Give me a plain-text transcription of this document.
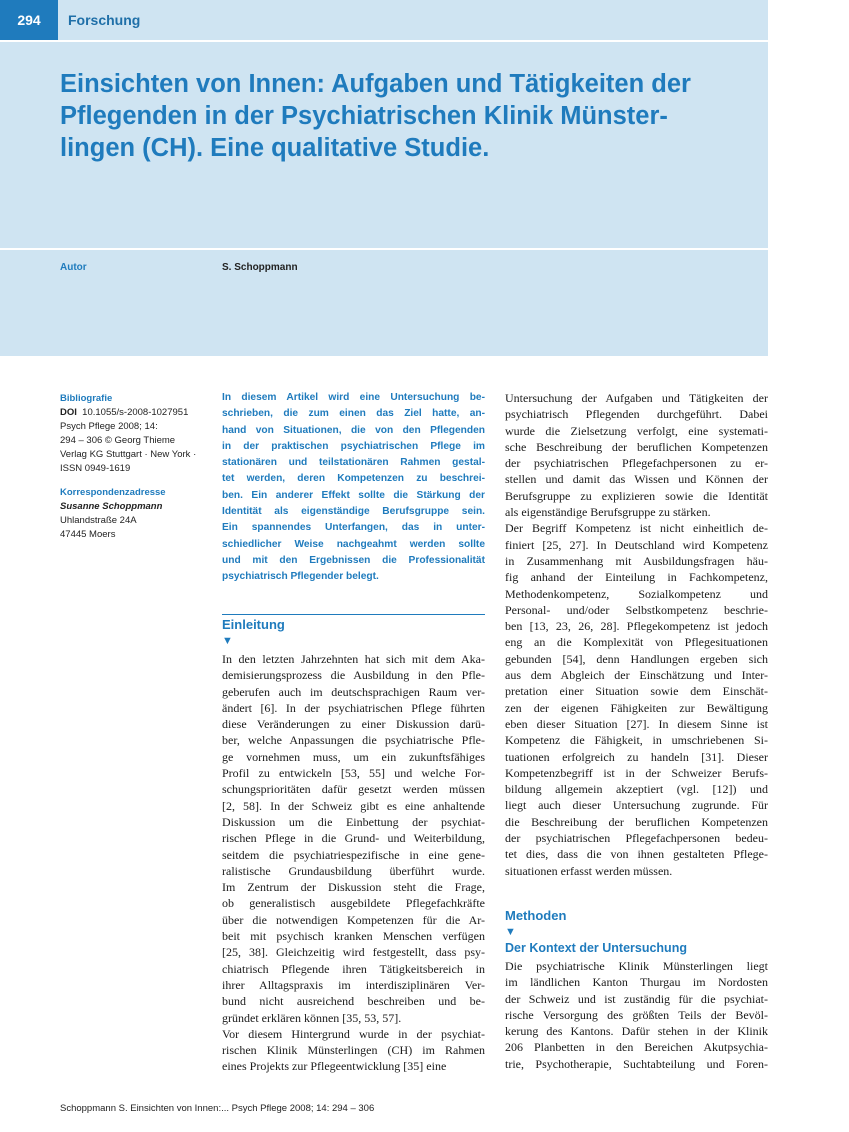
294	Forschung
Einsichten von Innen: Aufgaben und Tätigkeiten der
Pflegenden in der Psychiatrischen Klinik Münster-
lingen (CH). Eine qualitative Studie.
Autor	S. Schoppmann
Bibliografie
DOI 10.1055/s-2008-1027951
Psych Pflege 2008; 14:
294 – 306 © Georg Thieme
Verlag KG Stuttgart · New York ·
ISSN 0949-1619
Korrespondenzadresse
Susanne Schoppmann
Uhlandstraße 24A
47445 Moers
In diesem Artikel wird eine Untersuchung be-
schrieben, die zum einen das Ziel hatte, an-
hand von Situationen, die von den Pflegenden
in der praktischen psychiatrischen Pflege im
stationären und teilstationären Rahmen gestal-
tet werden, deren Kompetenzen zu beschrei-
ben. Ein anderer Effekt sollte die Stärkung der
Identität als eigenständige Berufsgruppe sein.
Ein spannendes Unterfangen, das in unter-
schiedlicher Weise nachgeahmt werden sollte
und mit den Ergebnissen die Professionalität
psychiatrisch Pflegender belegt.
Einleitung
▼

In den letzten Jahrzehnten hat sich mit dem Aka-
demisierungsprozess die Ausbildung in den Pfle-
geberufen auch im deutschsprachigen Raum ver-
ändert [6]. In der psychiatrischen Pflege führten
diese Veränderungen zu einer Diskussion darü-
ber, welche Anpassungen die psychiatrische Pfle-
ge vornehmen muss, um ein zukunftsfähiges
Profil zu entwickeln [53, 55] und welche For-
schungsprioritäten dafür gesetzt werden müssen
[2, 58]. In der Schweiz gibt es eine anhaltende
Diskussion um die Einbettung der psychiat-
rischen Pflege in die Grund- und Weiterbildung,
seitdem die psychiatriespezifische in eine gene-
ralistische Grundausbildung überführt wurde.
Im Zentrum der Diskussion steht die Frage,
ob generalistisch ausgebildete Pflegefachkräfte
über die notwendigen Kompetenzen für die Ar-
beit mit psychisch kranken Menschen verfügen
[25, 38]. Gleichzeitig wird festgestellt, dass psy-
chiatrisch Pflegende ihren Tätigkeitsbereich in
ihrer Alltagspraxis im interdisziplinären Ver-
bund nicht ausreichend beschreiben und be-
gründet erklären können [35, 53, 57].

Vor diesem Hintergrund wurde in der psychiat-
rischen Klinik Münsterlingen (CH) im Rahmen
eines Projekts zur Pflegeentwicklung [35] eine

Untersuchung der Aufgaben und Tätigkeiten der
psychiatrisch Pflegenden durchgeführt. Dabei
wurde die Zielsetzung verfolgt, eine systemati-
sche Beschreibung der beruflichen Kompetenzen
der psychiatrischen Pflegefachpersonen zu er-
stellen und damit das Wissen und Können der
Berufsgruppe zu explizieren sowie die Identität
als eigenständige Berufsgruppe zu stärken.

Der Begriff Kompetenz ist nicht einheitlich de-
finiert [25, 27]. In Deutschland wird Kompetenz
in Zusammenhang mit Ausbildungsfragen häu-
fig anhand der Einteilung in Fachkompetenz,
Methodenkompetenz, Sozialkompetenz und
Personal- und/oder Selbstkompetenz beschrie-
ben [13, 23, 26, 28]. Pflegekompetenz ist jedoch
eng an die Komplexität von Pflegesituationen
gebunden [54], denn Handlungen ergeben sich
aus dem Abgleich der Einschätzung und Inter-
pretation einer Situation sowie dem Einschät-
zen der eigenen Fähigkeiten zur Bewältigung
eben dieser Situation [27]. In diesem Sinne ist
Kompetenz die Fähigkeit, in umschriebenen Si-
tuationen erfolgreich zu handeln [31]. Dieser
Kompetenzbegriff ist in der Schweizer Berufs-
bildung allgemein akzeptiert (vgl. [12]) und
liegt auch dieser Untersuchung zugrunde. Für
die Beschreibung der beruflichen Kompetenzen
der psychiatrischen Pflegefachpersonen bedeu-
tet dies, dass die von ihnen gestalteten Pflege-
situationen erfasst werden müssen.

Methoden
▼
Der Kontext der Untersuchung

Die psychiatrische Klinik Münsterlingen liegt
im ländlichen Kanton Thurgau im Nordosten
der Schweiz und ist zuständig für die psychiat-
rische Versorgung des größten Teils der Bevöl-
kerung des Kantons. Dafür stehen in der Klinik
206 Planbetten in den Bereichen Akutpsychia-
trie, Psychotherapie, Suchtabteilung und Foren-

Schoppmann S. Einsichten von Innen:... Psych Pflege 2008; 14: 294 – 306
